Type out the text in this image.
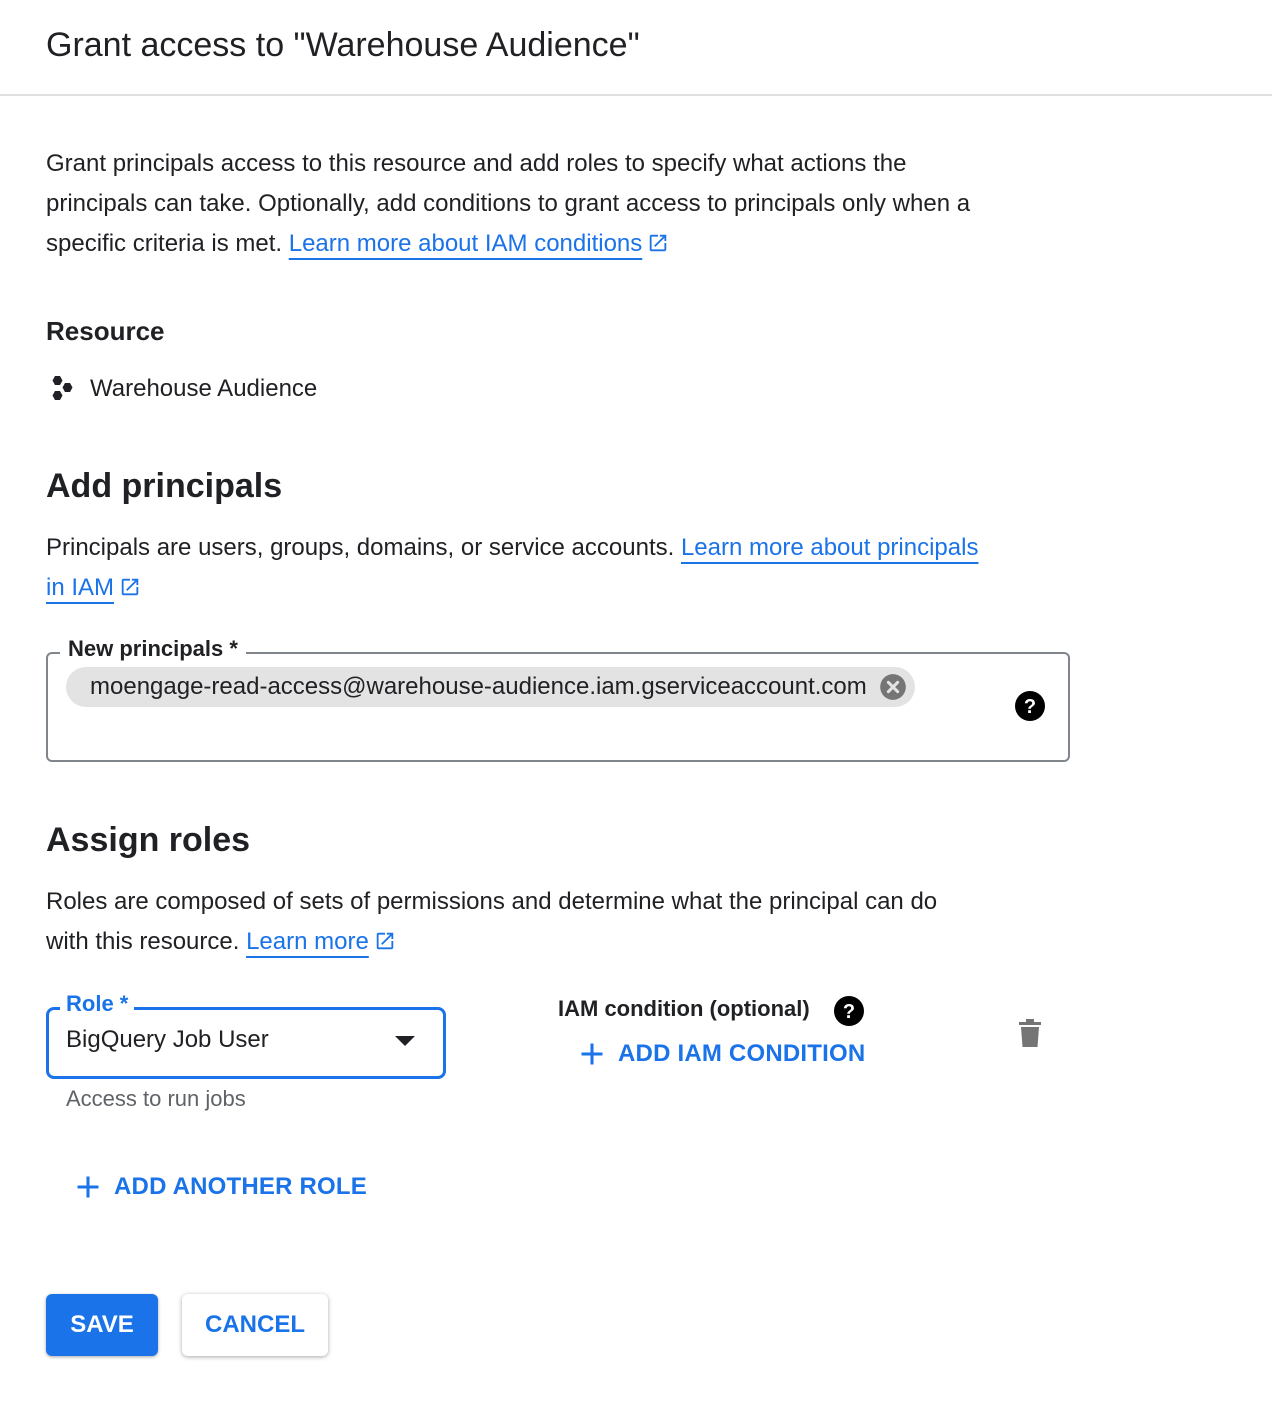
Grant access to "Warehouse Audience"
Grant principals access to this resource and add roles to specify what actions the
principals can take. Optionally, add conditions to grant access to principals only when a
specific criteria is met. Learn more about IAM conditions
Resource
Warehouse Audience
Add principals
Principals are users, groups, domains, or service accounts. Learn more about principals
in IAM
New principals *
moengage-read-access@warehouse-audience.iam.gserviceaccount.com
?
Assign roles
Roles are composed of sets of permissions and determine what the principal can do
with this resource. Learn more
Role *
BigQuery Job User
Access to run jobs
IAM condition (optional) ?
ADD IAM CONDITION
ADD ANOTHER ROLE
SAVE	CANCEL
